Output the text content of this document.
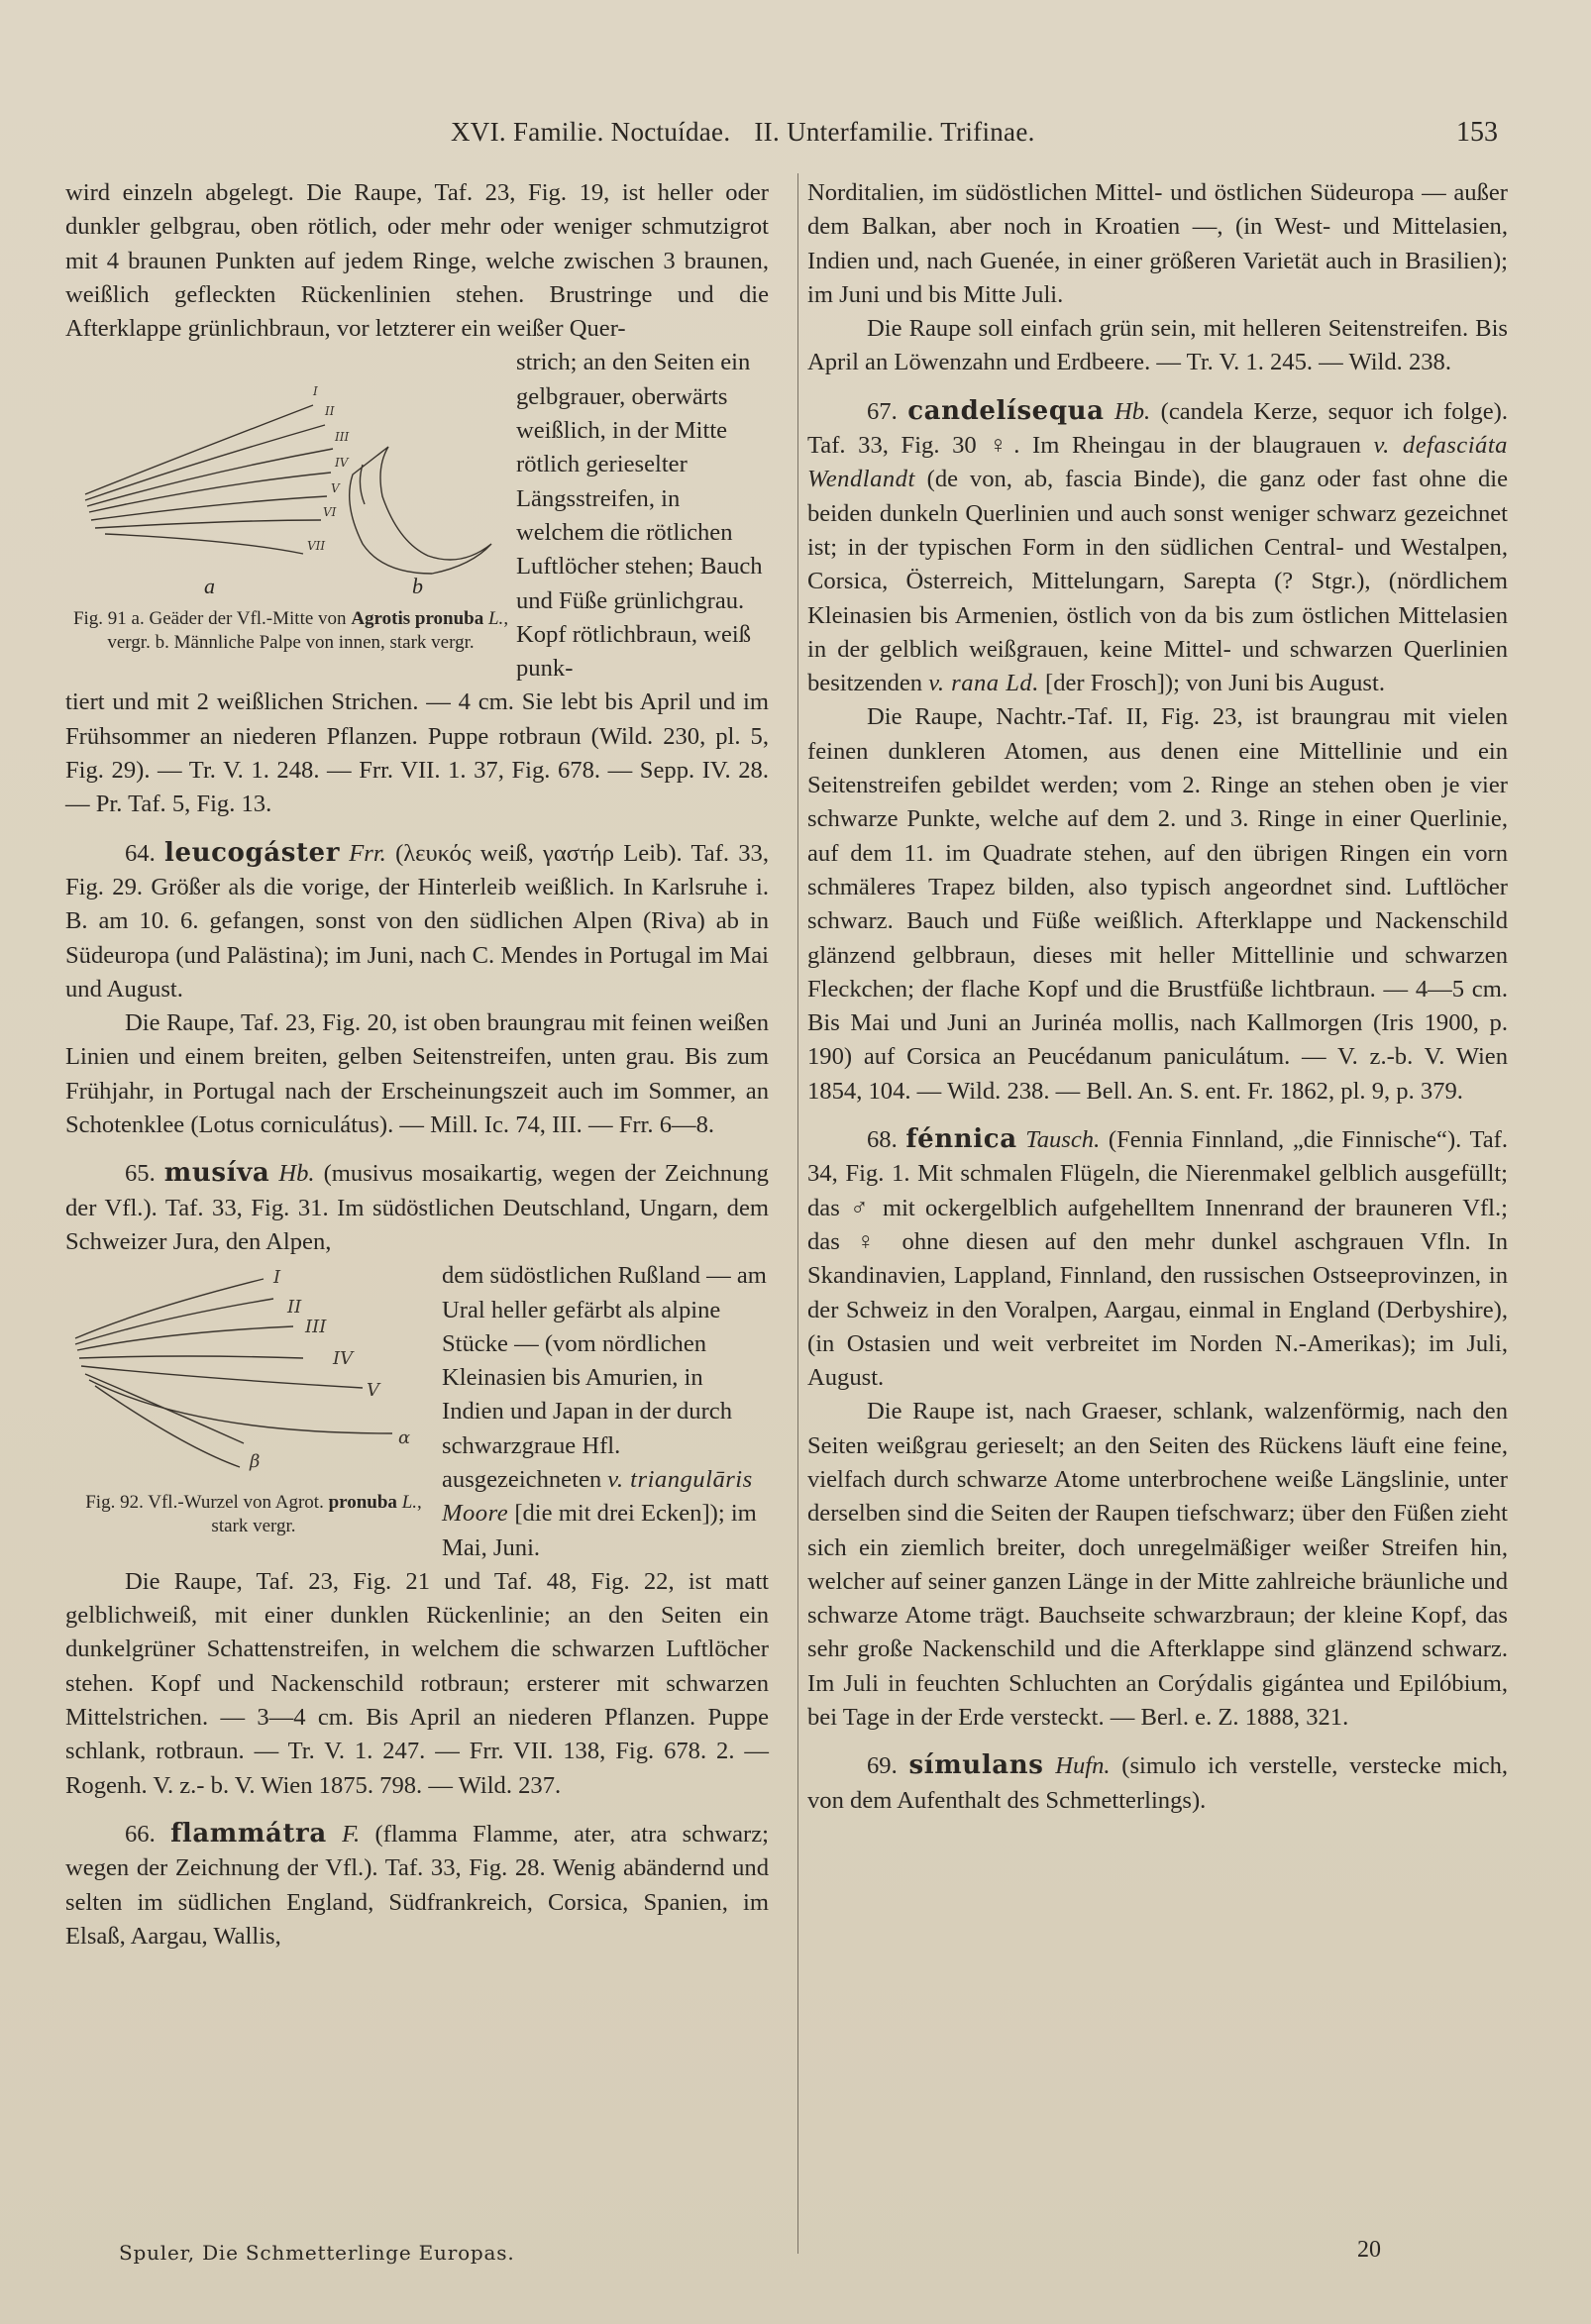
XVI. Familie. Noctuídae. II. Unterfamilie. Trifinae.	153

wird einzeln abgelegt. Die Raupe, Taf. 23, Fig. 19, ist heller oder dunkler gelbgrau, oben rötlich, oder mehr oder weniger schmutzigrot mit 4 braunen Punkten auf jedem Ringe, welche zwischen 3 braunen, weißlich gefleckten Rückenlinien stehen. Brustringe und die Afterklappe grünlichbraun, vor letzterer ein weißer Quer-

I
II
III
IV
V
VI
VII
a	b
Fig. 91 a. Geäder der Vfl.-Mitte von Agrotis pronuba L., vergr. b. Männliche Palpe von innen, stark vergr.

strich; an den Seiten ein gelbgrauer, oberwärts weißlich, in der Mitte rötlich gerieselter Längsstreifen, in welchem die rötlichen Luftlöcher stehen; Bauch und Füße grünlichgrau. Kopf rötlichbraun, weiß punk-

tiert und mit 2 weißlichen Strichen. — 4 cm. Sie lebt bis April und im Frühsommer an niederen Pflanzen. Puppe rotbraun (Wild. 230, pl. 5, Fig. 29). — Tr. V. 1. 248. — Frr. VII. 1. 37, Fig. 678. — Sepp. IV. 28. — Pr. Taf. 5, Fig. 13.

64. leucogáster Frr. (λευκός weiß, γαστήρ Leib). Taf. 33, Fig. 29. Größer als die vorige, der Hinterleib weißlich. In Karlsruhe i. B. am 10. 6. gefangen, sonst von den südlichen Alpen (Riva) ab in Südeuropa (und Palästina); im Juni, nach C. Mendes in Portugal im Mai und August.

Die Raupe, Taf. 23, Fig. 20, ist oben braungrau mit feinen weißen Linien und einem breiten, gelben Seitenstreifen, unten grau. Bis zum Frühjahr, in Portugal nach der Erscheinungszeit auch im Sommer, an Schotenklee (Lotus corniculátus). — Mill. Ic. 74, III. — Frr. 6—8.

65. musíva Hb. (musivus mosaikartig, wegen der Zeichnung der Vfl.). Taf. 33, Fig. 31. Im südöstlichen Deutschland, Ungarn, dem Schweizer Jura, den Alpen,

I
II
III
IV
V
β
α
Fig. 92. Vfl.-Wurzel von Agrot. pronuba L., stark vergr.

dem südöstlichen Rußland — am Ural heller gefärbt als alpine Stücke — (vom nördlichen Kleinasien bis Amurien, in Indien und Japan in der durch schwarzgraue Hfl. ausgezeichneten v. triangulāris Moore [die mit drei Ecken]); im Mai, Juni.

Die Raupe, Taf. 23, Fig. 21 und Taf. 48, Fig. 22, ist matt gelblichweiß, mit einer dunklen Rückenlinie; an den Seiten ein dunkelgrüner Schattenstreifen, in welchem die schwarzen Luftlöcher stehen. Kopf und Nackenschild rotbraun; ersterer mit schwarzen Mittelstrichen. — 3—4 cm. Bis April an niederen Pflanzen. Puppe schlank, rotbraun. — Tr. V. 1. 247. — Frr. VII. 138, Fig. 678. 2. — Rogenh. V. z.- b. V. Wien 1875. 798. — Wild. 237.

66. flammátra F. (flamma Flamme, ater, atra schwarz; wegen der Zeichnung der Vfl.). Taf. 33, Fig. 28. Wenig abändernd und selten im südlichen England, Südfrankreich, Corsica, Spanien, im Elsaß, Aargau, Wallis,

Norditalien, im südöstlichen Mittel- und östlichen Südeuropa — außer dem Balkan, aber noch in Kroatien —, (in West- und Mittelasien, Indien und, nach Guenée, in einer größeren Varietät auch in Brasilien); im Juni und bis Mitte Juli.

Die Raupe soll einfach grün sein, mit helleren Seitenstreifen. Bis April an Löwenzahn und Erdbeere. — Tr. V. 1. 245. — Wild. 238.

67. candelísequa Hb. (candela Kerze, sequor ich folge). Taf. 33, Fig. 30 ♀. Im Rheingau in der blaugrauen v. defasciáta Wendlandt (de von, ab, fascia Binde), die ganz oder fast ohne die beiden dunkeln Querlinien und auch sonst weniger schwarz gezeichnet ist; in der typischen Form in den südlichen Central- und Westalpen, Corsica, Österreich, Mittelungarn, Sarepta (? Stgr.), (nördlichem Kleinasien bis Armenien, östlich von da bis zum östlichen Mittelasien in der gelblich weißgrauen, keine Mittel- und schwarzen Querlinien besitzenden v. rana Ld. [der Frosch]); von Juni bis August.

Die Raupe, Nachtr.-Taf. II, Fig. 23, ist braungrau mit vielen feinen dunkleren Atomen, aus denen eine Mittellinie und ein Seitenstreifen gebildet werden; vom 2. Ringe an stehen oben je vier schwarze Punkte, welche auf dem 2. und 3. Ringe in einer Querlinie, auf dem 11. im Quadrate stehen, auf den übrigen Ringen ein vorn schmäleres Trapez bilden, also typisch angeordnet sind. Luftlöcher schwarz. Bauch und Füße weißlich. Afterklappe und Nackenschild glänzend gelbbraun, dieses mit heller Mittellinie und schwarzen Fleckchen; der flache Kopf und die Brustfüße lichtbraun. — 4—5 cm. Bis Mai und Juni an Jurinéa mollis, nach Kallmorgen (Iris 1900, p. 190) auf Corsica an Peucédanum paniculátum. — V. z.-b. V. Wien 1854, 104. — Wild. 238. — Bell. An. S. ent. Fr. 1862, pl. 9, p. 379.

68. fénnica Tausch. (Fennia Finnland, „die Finnische“). Taf. 34, Fig. 1. Mit schmalen Flügeln, die Nierenmakel gelblich ausgefüllt; das ♂ mit ockergelblich aufgehelltem Innenrand der brauneren Vfl.; das ♀ ohne diesen auf den mehr dunkel aschgrauen Vfln. In Skandinavien, Lappland, Finnland, den russischen Ostseeprovinzen, in der Schweiz in den Voralpen, Aargau, einmal in England (Derbyshire), (in Ostasien und weit verbreitet im Norden N.-Amerikas); im Juli, August.

Die Raupe ist, nach Graeser, schlank, walzenförmig, nach den Seiten weißgrau gerieselt; an den Seiten des Rückens läuft eine feine, vielfach durch schwarze Atome unterbrochene weiße Längslinie, unter derselben sind die Seiten der Raupen tiefschwarz; über den Füßen zieht sich ein ziemlich breiter, doch unregelmäßiger weißer Streifen hin, welcher auf seiner ganzen Länge in der Mitte zahlreiche bräunliche und schwarze Atome trägt. Bauchseite schwarzbraun; der kleine Kopf, das sehr große Nackenschild und die Afterklappe sind glänzend schwarz. Im Juli in feuchten Schluchten an Corýdalis gigántea und Epilóbium, bei Tage in der Erde versteckt. — Berl. e. Z. 1888, 321.

69. símulans Hufn. (simulo ich verstelle, verstecke mich, von dem Aufenthalt des Schmetterlings).

Spuler, Die Schmetterlinge Europas.	20
